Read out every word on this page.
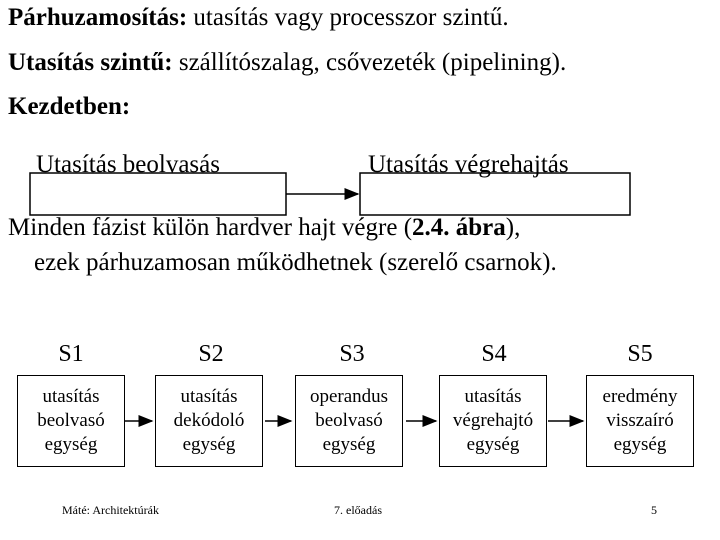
Párhuzamosítás: utasítás vagy processzor szintű.
Utasítás szintű: szállítószalag, csővezeték (pipelining).
Kezdetben:
Utasítás beolvasás	Utasítás végrehajtás
Minden fázist külön hardver hajt végre (2.4. ábra),
ezek párhuzamosan működhetnek (szerelő csarnok).
S1	S2	S3	S4	S5
utasítás
beolvasó
egység
utasítás
dekódoló
egység
operandus
beolvasó
egység
utasítás
végrehajtó
egység
eredmény
visszaíró
egység
Máté: Architektúrák	7. előadás	5
